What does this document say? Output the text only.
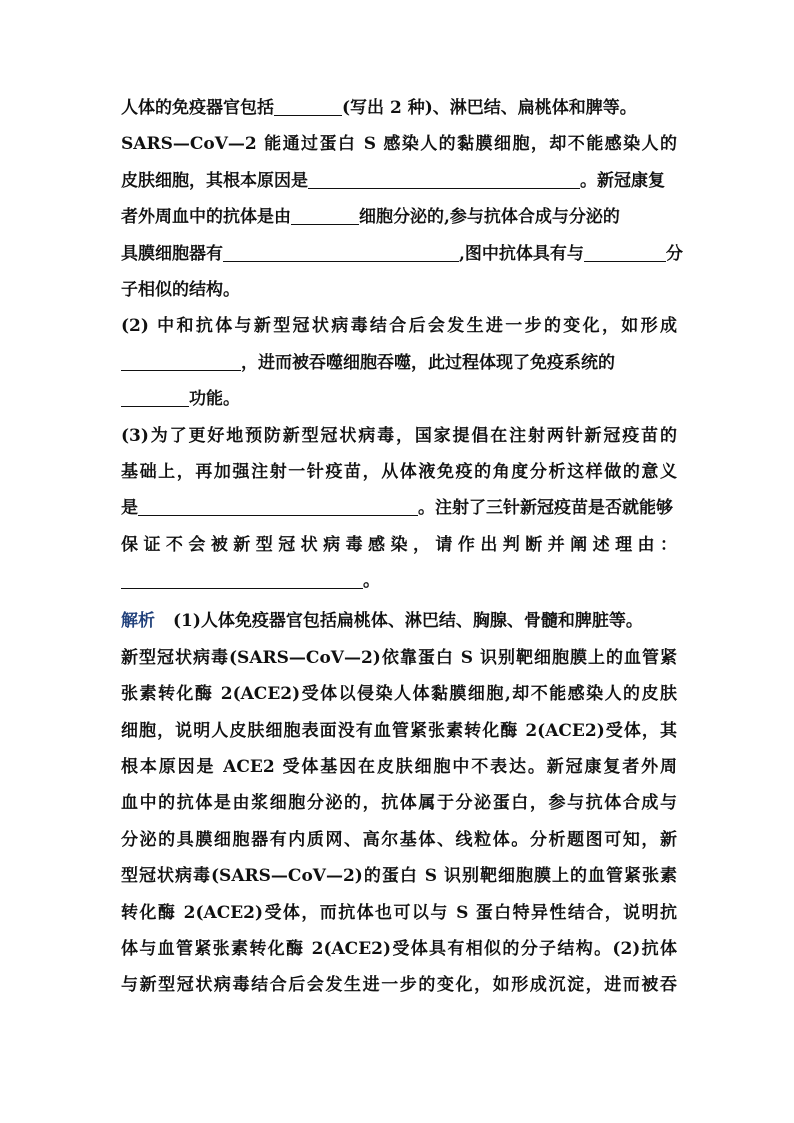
人体的免疫器官包括	(写出 2 种)、淋巴结、扁桃体和脾等。
SARS—CoV—2 能通过蛋白 S 感染人的黏膜细胞，却不能感染人的
皮肤细胞，其根本原因是	。新冠康复
者外周血中的抗体是由	细胞分泌的,参与抗体合成与分泌的
具膜细胞器有	,图中抗体具有与	分
子相似的结构。
(2) 中和抗体与新型冠状病毒结合后会发生进一步的变化，如形成
，进而被吞噬细胞吞噬，此过程体现了免疫系统的
功能。
(3)为了更好地预防新型冠状病毒，国家提倡在注射两针新冠疫苗的
基础上，再加强注射一针疫苗，从体液免疫的角度分析这样做的意义
是	。注射了三针新冠疫苗是否就能够
保证不会被新型冠状病毒感染，请作出判断并阐述理由：
。
解析 (1)人体免疫器官包括扁桃体、淋巴结、胸腺、骨髓和脾脏等。
新型冠状病毒(SARS—CoV—2)依靠蛋白 S 识别靶细胞膜上的血管紧
张素转化酶 2(ACE2)受体以侵染人体黏膜细胞,却不能感染人的皮肤
细胞，说明人皮肤细胞表面没有血管紧张素转化酶 2(ACE2)受体，其
根本原因是 ACE2 受体基因在皮肤细胞中不表达。新冠康复者外周
血中的抗体是由浆细胞分泌的，抗体属于分泌蛋白，参与抗体合成与
分泌的具膜细胞器有内质网、高尔基体、线粒体。分析题图可知，新
型冠状病毒(SARS—CoV—2)的蛋白 S 识别靶细胞膜上的血管紧张素
转化酶 2(ACE2)受体，而抗体也可以与 S 蛋白特异性结合，说明抗
体与血管紧张素转化酶 2(ACE2)受体具有相似的分子结构。(2)抗体
与新型冠状病毒结合后会发生进一步的变化，如形成沉淀，进而被吞
